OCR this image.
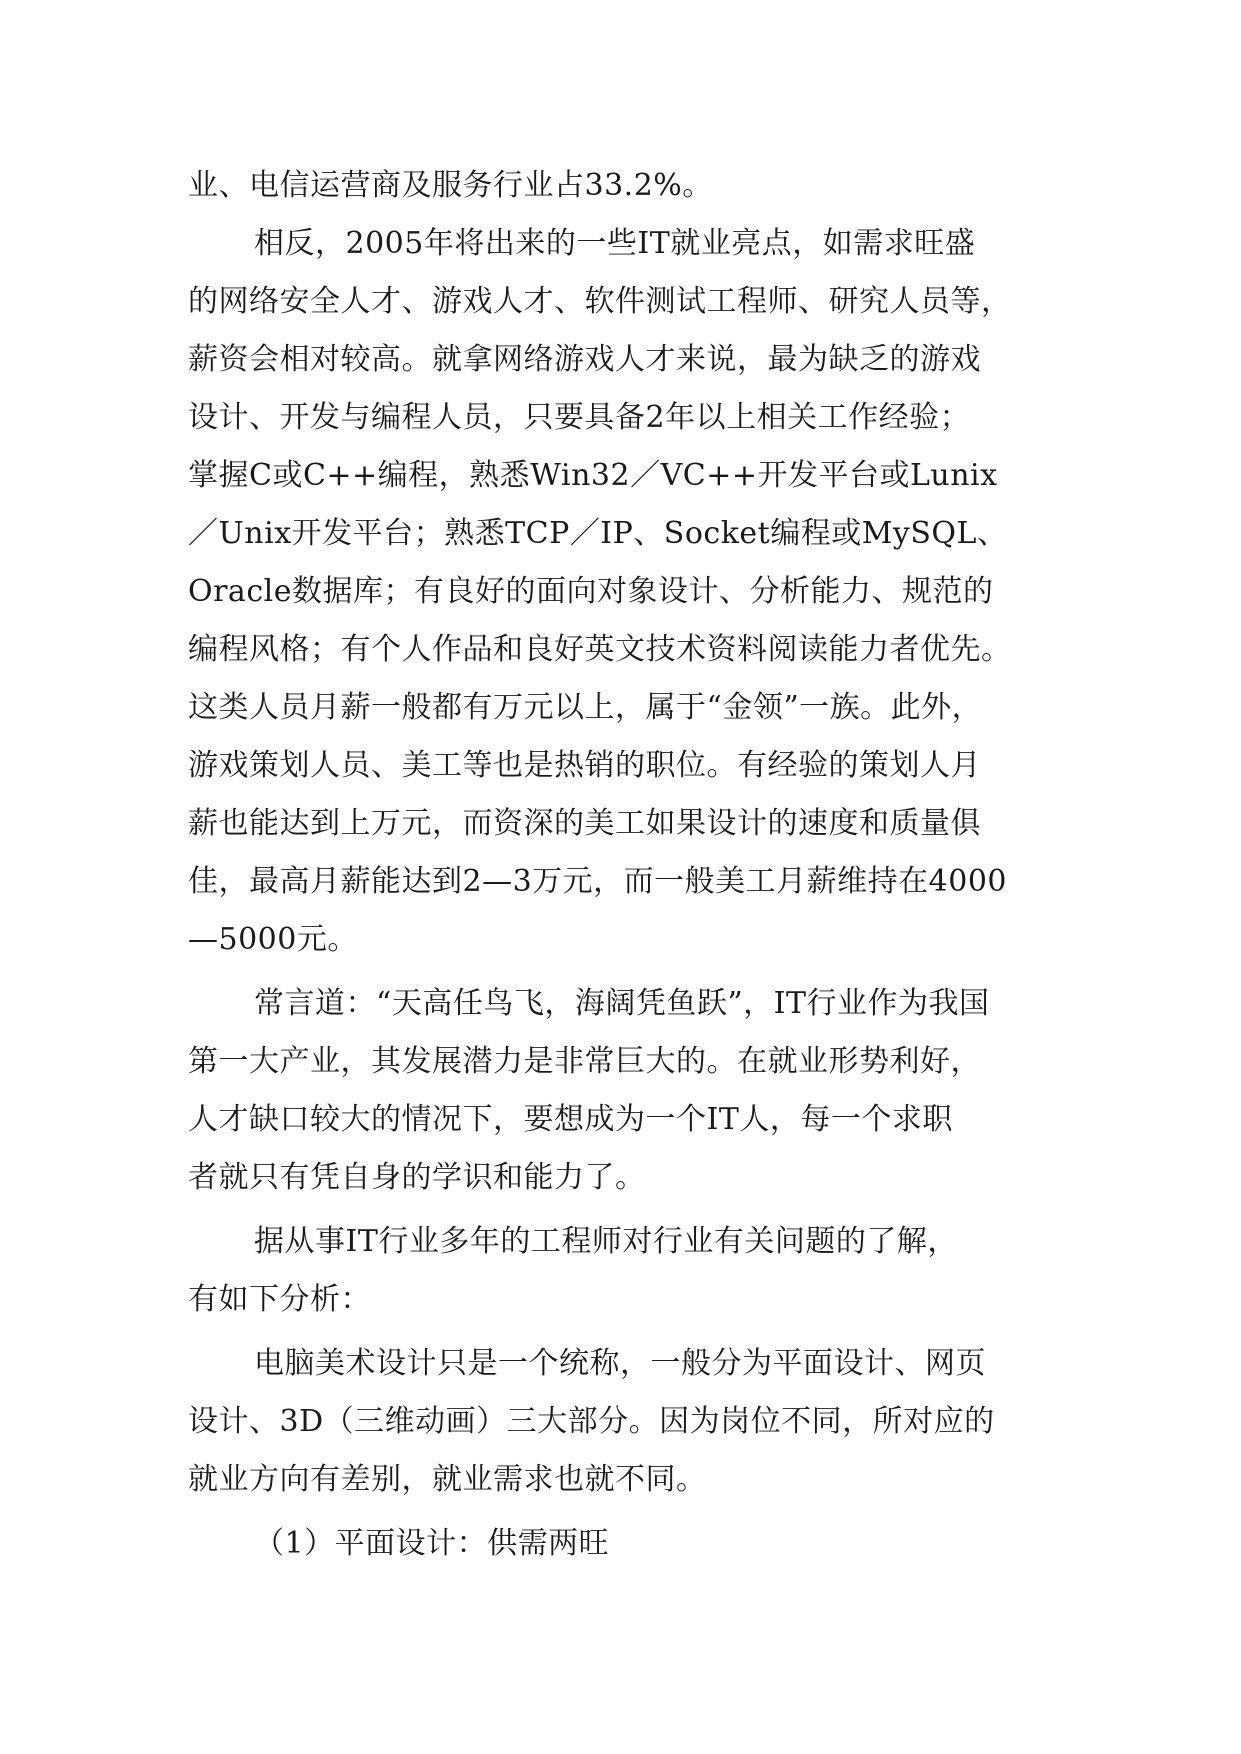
业、电信运营商及服务行业占33.2%。
相反，2005年将出来的一些IT就业亮点，如需求旺盛
的网络安全人才、游戏人才、软件测试工程师、研究人员等，
薪资会相对较高。就拿网络游戏人才来说，最为缺乏的游戏
设计、开发与编程人员，只要具备2年以上相关工作经验；
掌握C或C++编程，熟悉Win32／VC++开发平台或Lunix
／Unix开发平台；熟悉TCP／IP、Socket编程或MySQL、
Oracle数据库；有良好的面向对象设计、分析能力、规范的
编程风格；有个人作品和良好英文技术资料阅读能力者优先。
这类人员月薪一般都有万元以上，属于“金领”一族。此外，
游戏策划人员、美工等也是热销的职位。有经验的策划人月
薪也能达到上万元，而资深的美工如果设计的速度和质量俱
佳，最高月薪能达到2—3万元，而一般美工月薪维持在4000
—5000元。
常言道：“天高任鸟飞，海阔凭鱼跃”，IT行业作为我国
第一大产业，其发展潜力是非常巨大的。在就业形势利好，
人才缺口较大的情况下，要想成为一个IT人，每一个求职
者就只有凭自身的学识和能力了。
据从事IT行业多年的工程师对行业有关问题的了解，
有如下分析：
电脑美术设计只是一个统称，一般分为平面设计、网页
设计、3D（三维动画）三大部分。因为岗位不同，所对应的
就业方向有差别，就业需求也就不同。
（1）平面设计：供需两旺
